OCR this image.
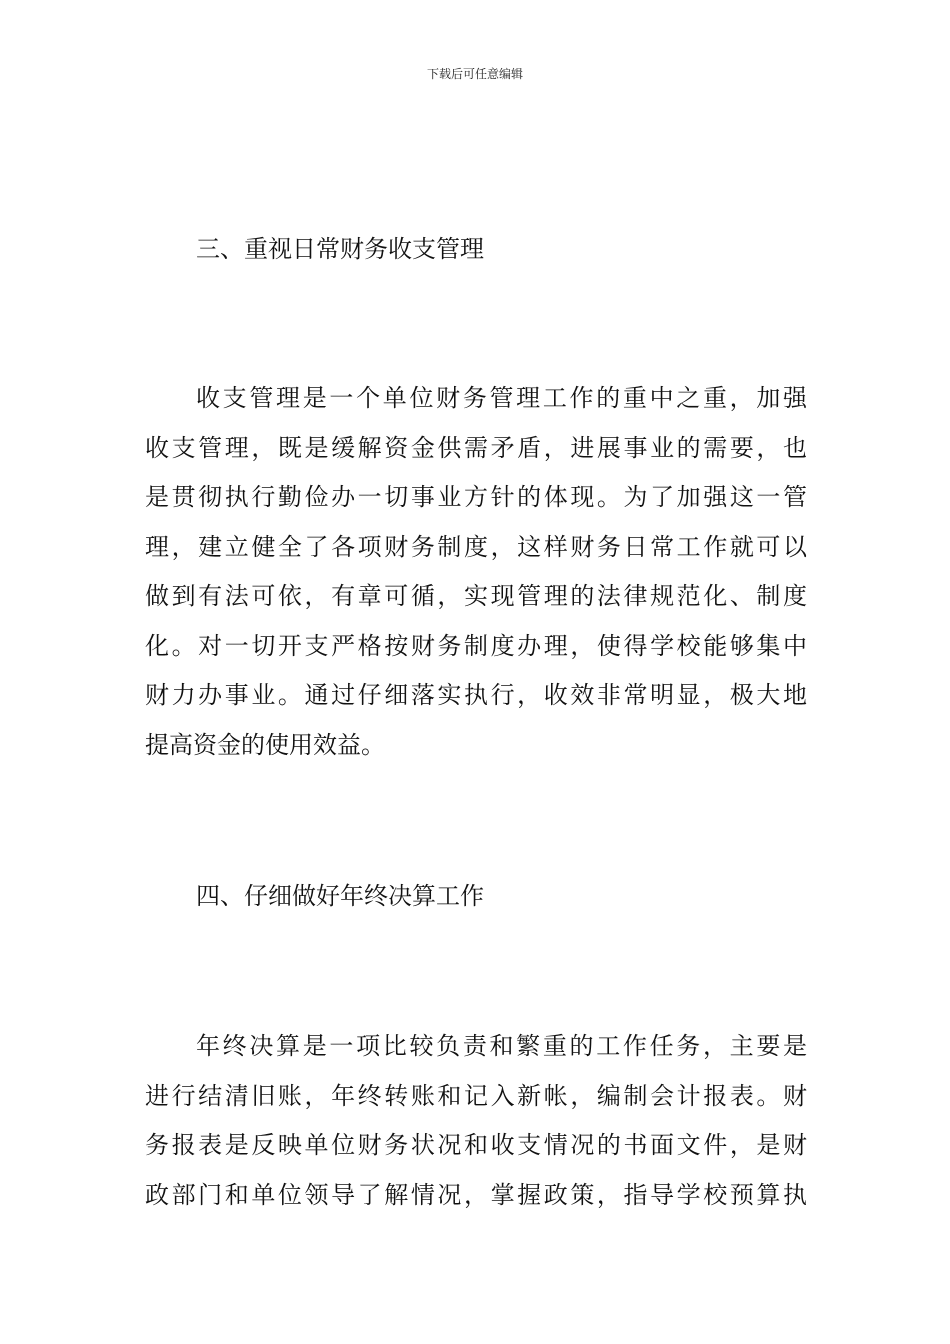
下载后可任意编辑
三、重视日常财务收支管理
收支管理是一个单位财务管理工作的重中之重，加强
收支管理，既是缓解资金供需矛盾，进展事业的需要，也
是贯彻执行勤俭办一切事业方针的体现。为了加强这一管
理，建立健全了各项财务制度，这样财务日常工作就可以
做到有法可依，有章可循，实现管理的法律规范化、制度
化。对一切开支严格按财务制度办理，使得学校能够集中
财力办事业。通过仔细落实执行，收效非常明显，极大地
提高资金的使用效益。
四、仔细做好年终决算工作
年终决算是一项比较负责和繁重的工作任务，主要是
进行结清旧账，年终转账和记入新帐，编制会计报表。财
务报表是反映单位财务状况和收支情况的书面文件，是财
政部门和单位领导了解情况，掌握政策，指导学校预算执
